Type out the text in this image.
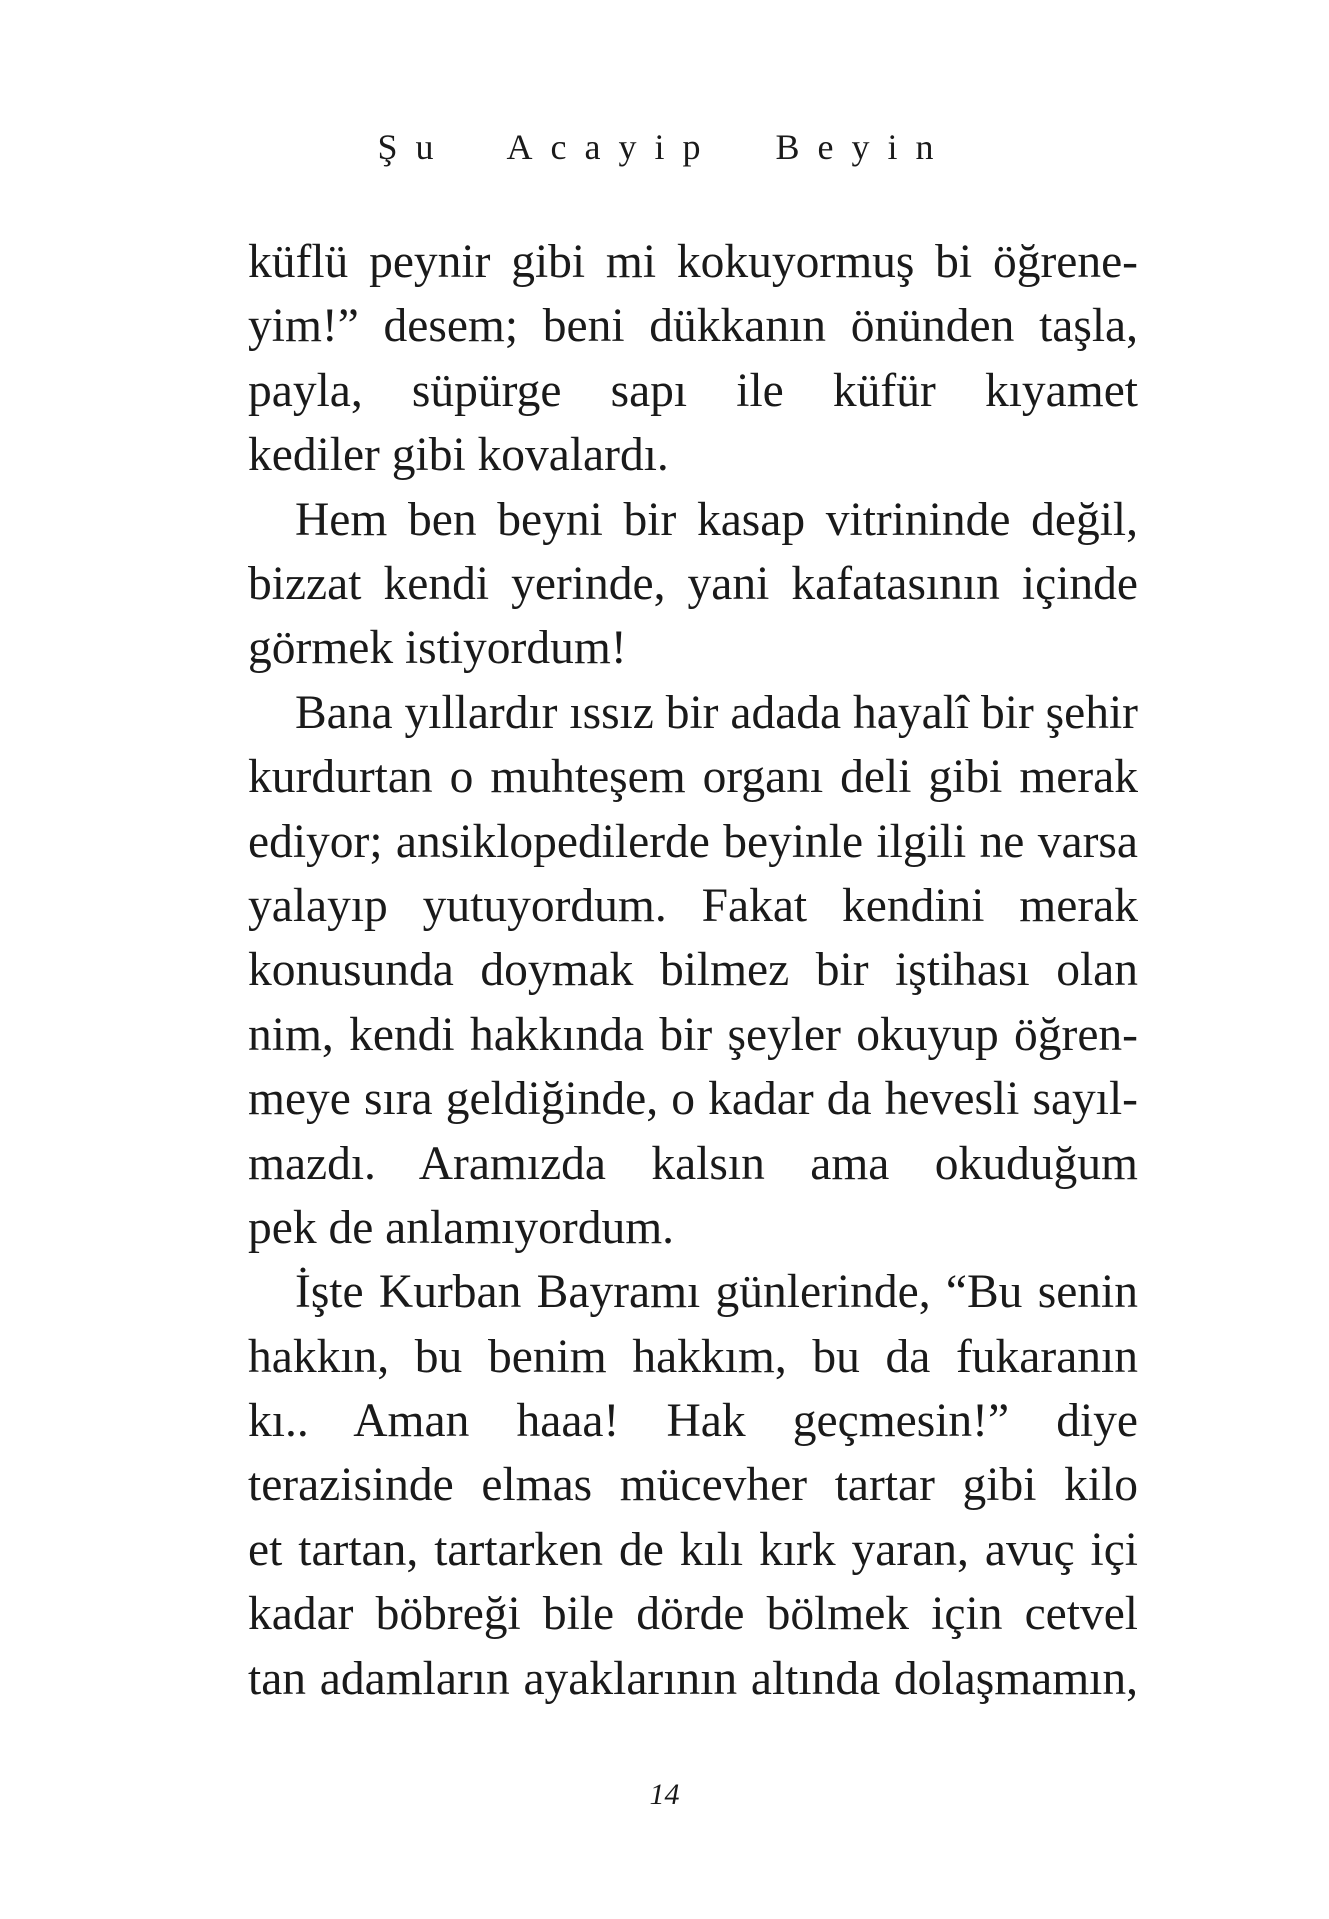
Şu Acayip Beyin
küflü peynir gibi mi kokuyormuş bi öğrene-
yim!” desem; beni dükkanın önünden taşla,
payla, süpürge sapı ile küfür kıyamet
kediler gibi kovalardı.
Hem ben beyni bir kasap vitrininde değil,
bizzat kendi yerinde, yani kafatasının içinde
görmek istiyordum!
Bana yıllardır ıssız bir adada hayalî bir şehir
kurdurtan o muhteşem organı deli gibi merak
ediyor; ansiklopedilerde beyinle ilgili ne varsa
yalayıp yutuyordum. Fakat kendini merak
konusunda doymak bilmez bir iştihası olan
nim, kendi hakkında bir şeyler okuyup öğren-
meye sıra geldiğinde, o kadar da hevesli sayıl-
mazdı. Aramızda kalsın ama okuduğum
pek de anlamıyordum.
İşte Kurban Bayramı günlerinde, “Bu senin
hakkın, bu benim hakkım, bu da fukaranın
kı.. Aman haaa! Hak geçmesin!” diye
terazisinde elmas mücevher tartar gibi kilo
et tartan, tartarken de kılı kırk yaran, avuç içi
kadar böbreği bile dörde bölmek için cetvel
tan adamların ayaklarının altında dolaşmamın,
14
